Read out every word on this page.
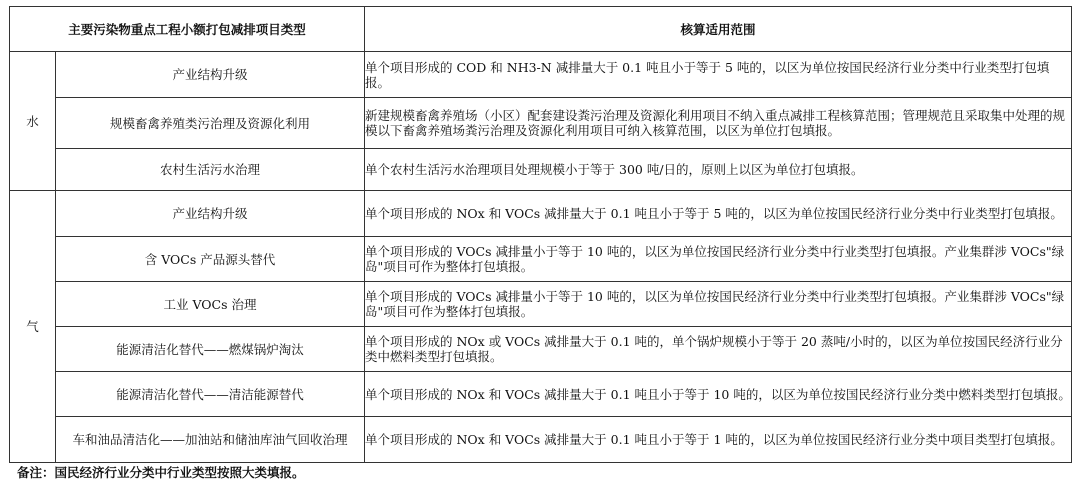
主要污染物重点工程小额打包减排项目类型		核算适用范围
水	产业结构升级	单个项目形成的 COD 和 NH3-N 减排量大于 0.1 吨且小于等于 5 吨的，以区为单位按国民经济行业分类中行业类型打包填报。
	规模畜禽养殖类污治理及资源化利用	新建规模畜禽养殖场（小区）配套建设粪污治理及资源化利用项目不纳入重点减排工程核算范围；管理规范且采取集中处理的规模以下畜禽养殖场粪污治理及资源化利用项目可纳入核算范围，以区为单位打包填报。
	农村生活污水治理	单个农村生活污水治理项目处理规模小于等于 300 吨/日的，原则上以区为单位打包填报。
气	产业结构升级	单个项目形成的 NOx 和 VOCs 减排量大于 0.1 吨且小于等于 5 吨的，以区为单位按国民经济行业分类中行业类型打包填报。
	含 VOCs 产品源头替代	单个项目形成的 VOCs 减排量小于等于 10 吨的，以区为单位按国民经济行业分类中行业类型打包填报。产业集群涉 VOCs"绿岛"项目可作为整体打包填报。
	工业 VOCs 治理	单个项目形成的 VOCs 减排量小于等于 10 吨的，以区为单位按国民经济行业分类中行业类型打包填报。产业集群涉 VOCs"绿岛"项目可作为整体打包填报。
	能源清洁化替代——燃煤锅炉淘汰	单个项目形成的 NOx 或 VOCs 减排量大于 0.1 吨的，单个锅炉规模小于等于 20 蒸吨/小时的，以区为单位按国民经济行业分类中燃料类型打包填报。
	能源清洁化替代——清洁能源替代	单个项目形成的 NOx 和 VOCs 减排量大于 0.1 吨且小于等于 10 吨的，以区为单位按国民经济行业分类中燃料类型打包填报。
	车和油品清洁化——加油站和储油库油气回收治理	单个项目形成的 NOx 和 VOCs 减排量大于 0.1 吨且小于等于 1 吨的，以区为单位按国民经济行业分类中项目类型打包填报。
备注：国民经济行业分类中行业类型按照大类填报。
